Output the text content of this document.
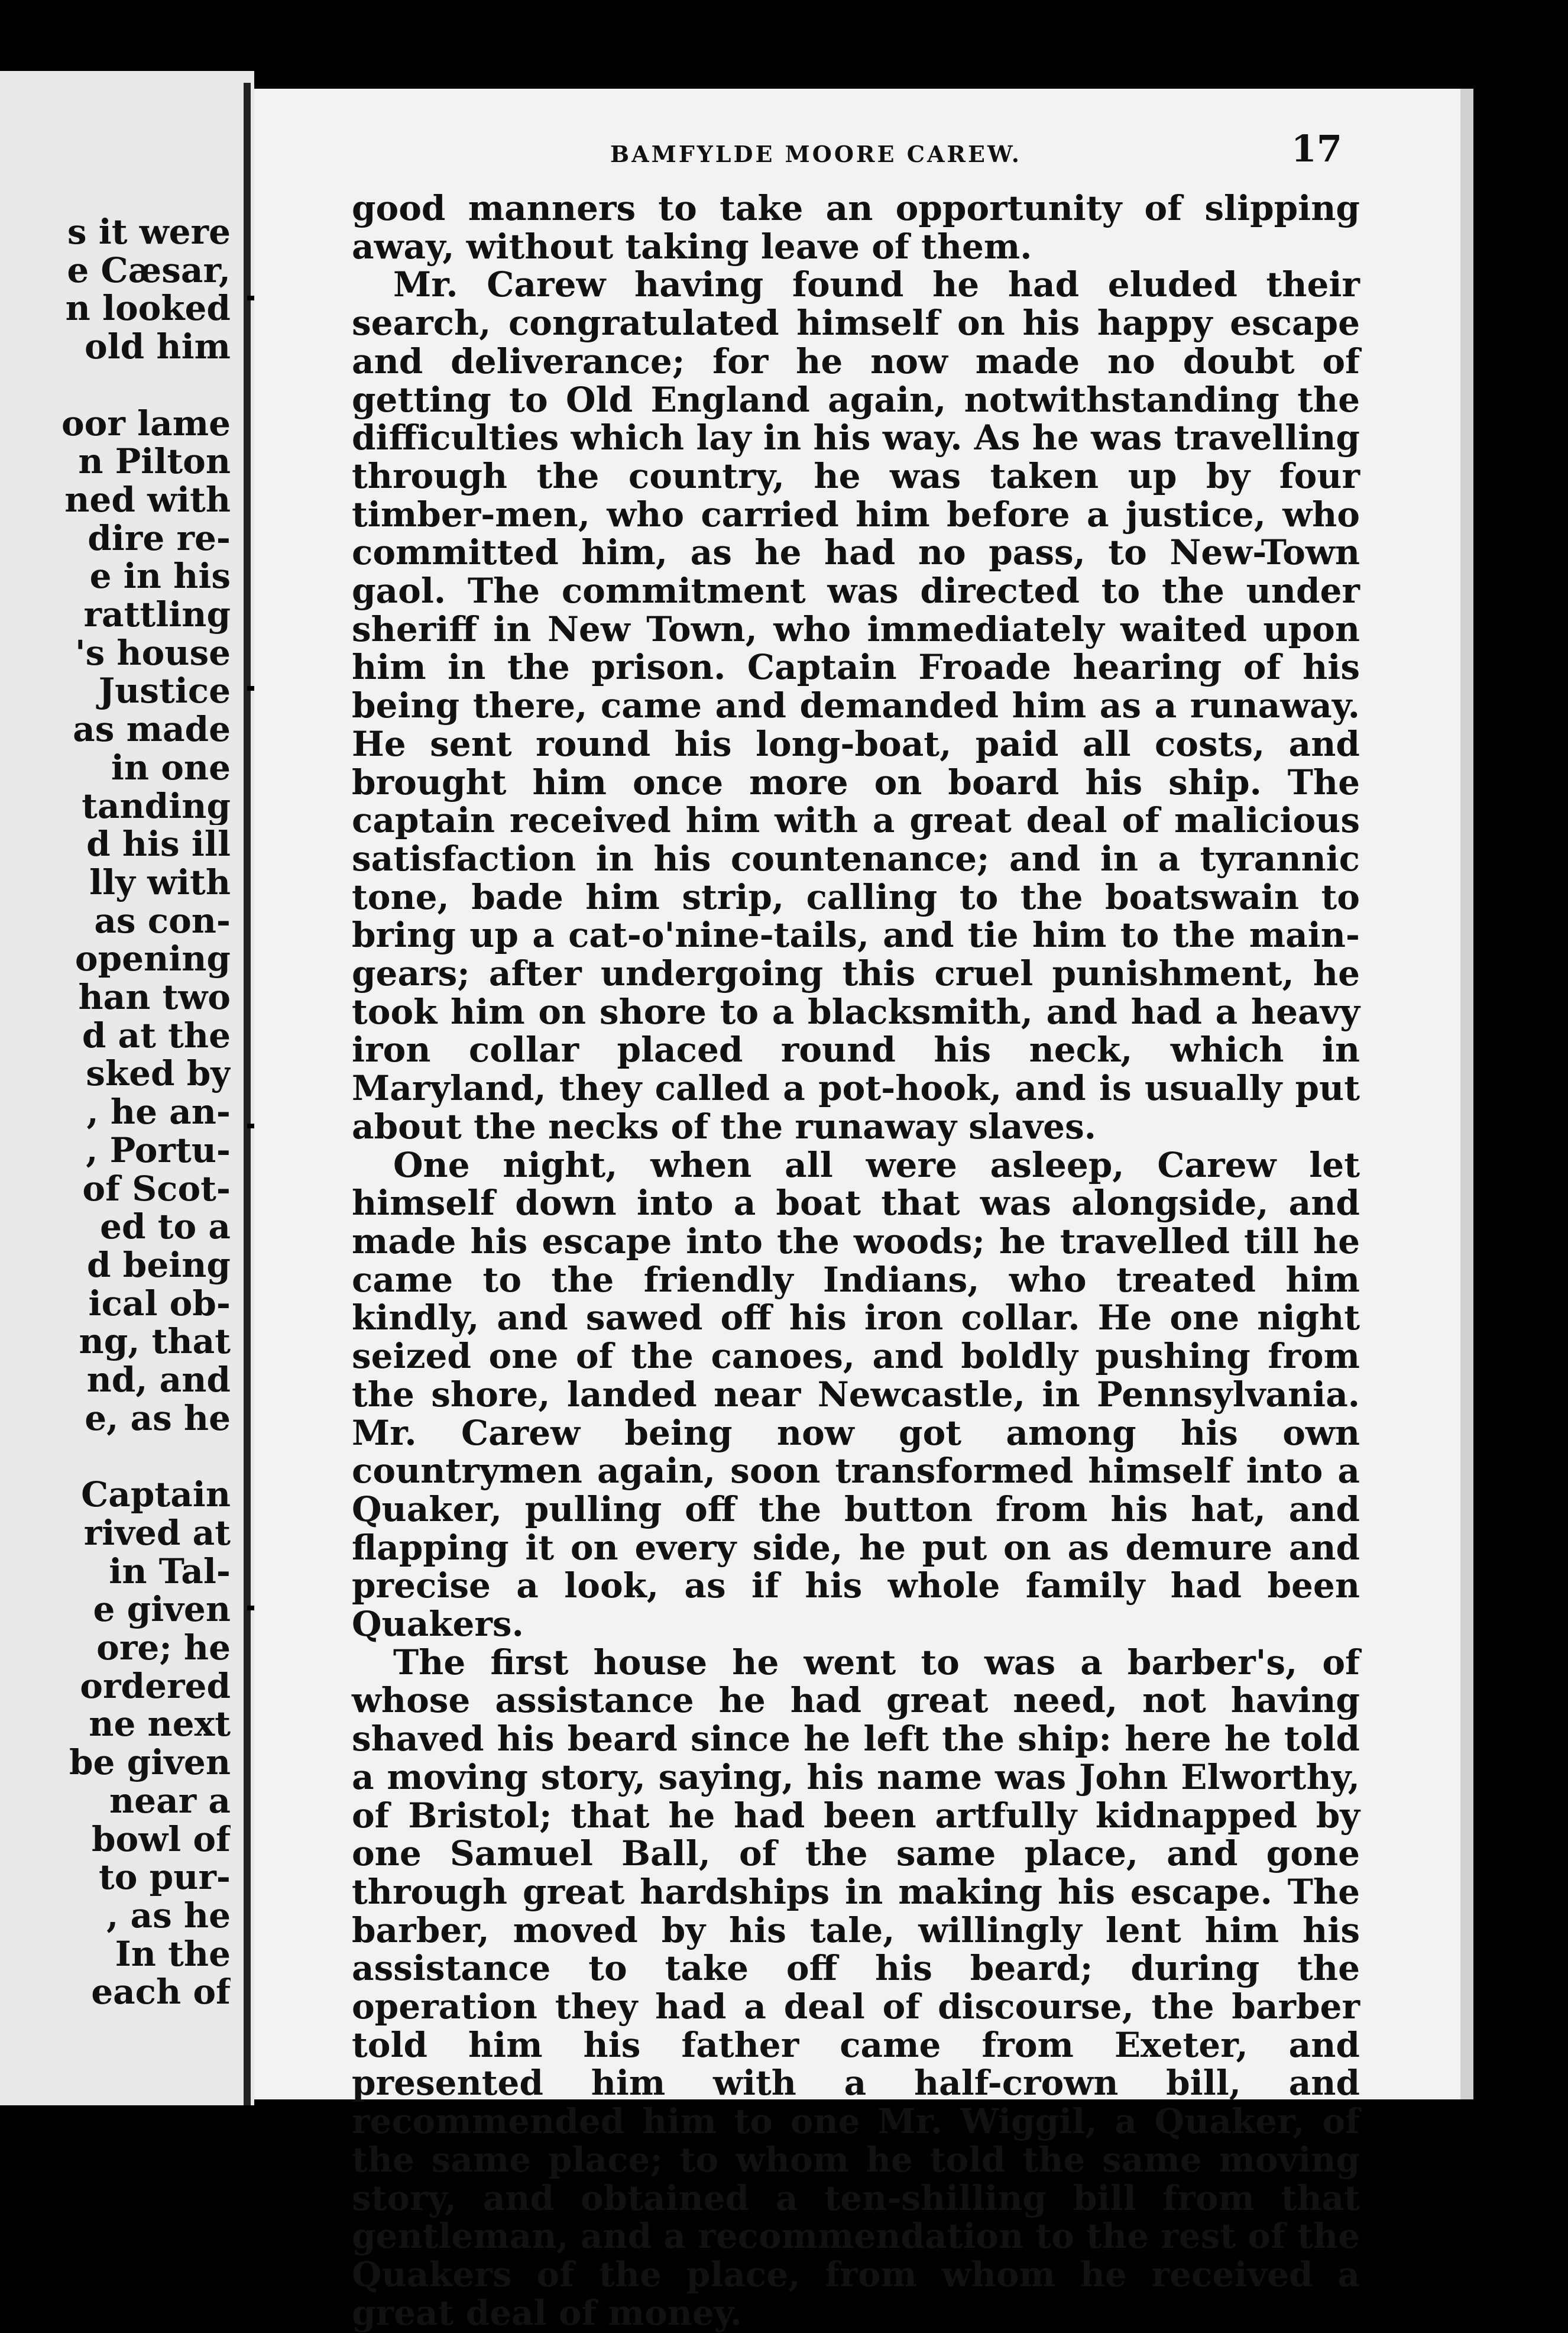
s it were
e Cæsar,
n looked
old him

oor lame
n Pilton
ned with
dire re-
e in his
rattling
's house
Justice
as made
in one
tanding
d his ill
lly with
as con-
opening
han two
d at the
sked by
, he an-
, Portu-
of Scot-
ed to a
d being
ical ob-
ng, that
nd, and
e, as he

Captain
rived at
in Tal-
e given
ore; he
ordered
ne next
be given
near a
bowl of
to pur-
, as he
In the
each of
BAMFYLDE MOORE CAREW.	17

good manners to take an opportunity of slipping away, without taking leave of them.

Mr. Carew having found he had eluded their search, congratulated himself on his happy escape and deliverance; for he now made no doubt of getting to Old England again, notwithstanding the difficulties which lay in his way. As he was travelling through the country, he was taken up by four timber-men, who carried him before a justice, who committed him, as he had no pass, to New-Town gaol. The commitment was directed to the under sheriff in New Town, who immediately waited upon him in the prison. Captain Froade hearing of his being there, came and demanded him as a runaway. He sent round his long-boat, paid all costs, and brought him once more on board his ship. The captain received him with a great deal of malicious satisfaction in his countenance; and in a tyrannic tone, bade him strip, calling to the boatswain to bring up a cat-o'nine-tails, and tie him to the main-gears; after undergoing this cruel punishment, he took him on shore to a blacksmith, and had a heavy iron collar placed round his neck, which in Maryland, they called a pot-hook, and is usually put about the necks of the runaway slaves.

One night, when all were asleep, Carew let himself down into a boat that was alongside, and made his escape into the woods; he travelled till he came to the friendly Indians, who treated him kindly, and sawed off his iron collar. He one night seized one of the canoes, and boldly pushing from the shore, landed near Newcastle, in Pennsylvania. Mr. Carew being now got among his own countrymen again, soon transformed himself into a Quaker, pulling off the button from his hat, and flapping it on every side, he put on as demure and precise a look, as if his whole family had been Quakers.

The first house he went to was a barber's, of whose assistance he had great need, not having shaved his beard since he left the ship: here he told a moving story, saying, his name was John Elworthy, of Bristol; that he had been artfully kidnapped by one Samuel Ball, of the same place, and gone through great hardships in making his escape. The barber, moved by his tale, willingly lent him his assistance to take off his beard; during the operation they had a deal of discourse, the barber told him his father came from Exeter, and presented him with a half-crown bill, and recommended him to one Mr. Wiggil, a Quaker, of the same place; to whom he told the same moving story, and obtained a ten-shilling bill from that gentleman, and a recommendation to the rest of the Quakers of the place, from whom he received a great deal of money.
